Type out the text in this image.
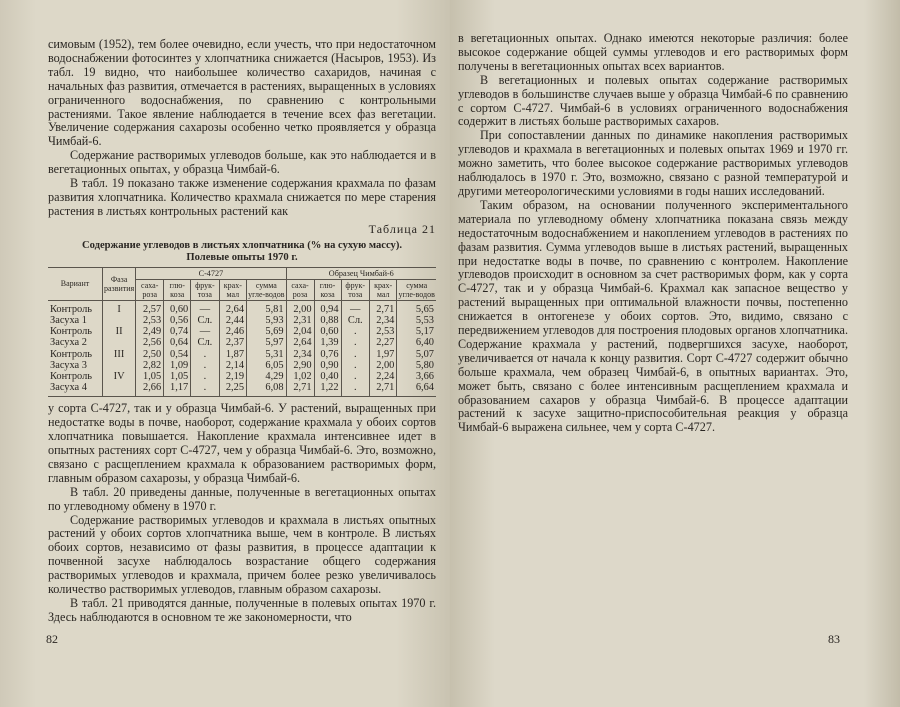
симовым (1952), тем более очевидно, если учесть, что при недостаточном водоснабжении фотосинтез у хлопчатника снижается (Насыров, 1953). Из табл. 19 видно, что наибольшее количество сахаридов, начиная с начальных фаз развития, отмечается в растениях, выращенных в условиях ограниченного водоснабжения, по сравнению с контрольными растениями. Такое явление наблюдается в течение всех фаз вегетации. Увеличение содержания сахарозы особенно четко проявляется у образца Чимбай-6.

Содержание растворимых углеводов больше, как это наблюдается и в вегетационных опытах, у образца Чимбай-6.

В табл. 19 показано также изменение содержания крахмала по фазам развития хлопчатника. Количество крахмала снижается по мере старения растения в листьях контрольных растений как

Таблица 21
Содержание углеводов в листьях хлопчатника (% на сухую массу).
Полевые опыты 1970 г.
Вариант	Фаза развития	С-4727					Образец Чимбай-6				
		саха-роза	глю-коза	фрук-тоза	крах-мал	сумма угле-водов	саха-роза	глю-коза	фрук-тоза	крах-мал	сумма угле-водов
Контроль	I	2,57	0,60	—	2,64	5,81	2,00	0,94	—	2,71	5,65
Засуха 1		2,53	0,56	Сл.	2,44	5,93	2,31	0,88	Сл.	2,34	5,53
Контроль	II	2,49	0,74	—	2,46	5,69	2,04	0,60	.	2,53	5,17
Засуха 2		2,56	0,64	Сл.	2,37	5,97	2,64	1,39	.	2,27	6,40
Контроль	III	2,50	0,54	.	1,87	5,31	2,34	0,76	.	1,97	5,07
Засуха 3		2,82	1,09	.	2,14	6,05	2,90	0,90	.	2,00	5,80
Контроль	IV	1,05	1,05	.	2,19	4,29	1,02	0,40	.	2,24	3,66
Засуха 4		2,66	1,17	.	2,25	6,08	2,71	1,22	.	2,71	6,64

у сорта С-4727, так и у образца Чимбай-6. У растений, выращенных при недостатке воды в почве, наоборот, содержание крахмала у обоих сортов хлопчатника повышается. Накопление крахмала интенсивнее идет в опытных растениях сорт С-4727, чем у образца Чимбай-6. Это, возможно, связано с расщеплением крахмала к образованием растворимых форм, главным образом сахарозы, у образца Чимбай-6.

В табл. 20 приведены данные, полученные в вегетационных опытах по углеводному обмену в 1970 г.

Содержание растворимых углеводов и крахмала в листьях опытных растений у обоих сортов хлопчатника выше, чем в контроле. В листьях обоих сортов, независимо от фазы развития, в процессе адаптации к почвенной засухе наблюдалось возрастание общего содержания растворимых углеводов и крахмала, причем более резко увеличивалось количество растворимых углеводов, главным образом сахарозы.

В табл. 21 приводятся данные, полученные в полевых опытах 1970 г. Здесь наблюдаются в основном те же закономерности, что

в вегетационных опытах. Однако имеются некоторые различия: более высокое содержание общей суммы углеводов и его растворимых форм получены в вегетационных опытах всех вариантов.

В вегетационных и полевых опытах содержание растворимых углеводов в большинстве случаев выше у образца Чимбай-6 по сравнению с сортом С-4727. Чимбай-6 в условиях ограниченного водоснабжения содержит в листьях больше растворимых сахаров.

При сопоставлении данных по динамике накопления растворимых углеводов и крахмала в вегетационных и полевых опытах 1969 и 1970 гг. можно заметить, что более высокое содержание растворимых углеводов наблюдалось в 1970 г. Это, возможно, связано с разной температурой и другими метеорологическими условиями в годы наших исследований.

Таким образом, на основании полученного экспериментального материала по углеводному обмену хлопчатника показана связь между недостаточным водоснабжением и накоплением углеводов в растениях по фазам развития. Сумма углеводов выше в листьях растений, выращенных при недостатке воды в почве, по сравнению с контролем. Накопление углеводов происходит в основном за счет растворимых форм, как у сорта С-4727, так и у образца Чимбай-6. Крахмал как запасное вещество у растений выращенных при оптимальной влажности почвы, постепенно снижается в онтогенезе у обоих сортов. Это, видимо, связано с передвижением углеводов для построения плодовых органов хлопчатника. Содержание крахмала у растений, подвергшихся засухе, наоборот, увеличивается от начала к концу развития. Сорт С-4727 содержит обычно больше крахмала, чем образец Чимбай-6, в опытных вариантах. Это, может быть, связано с более интенсивным расщеплением крахмала и образованием сахаров у образца Чимбай-6. В процессе адаптации растений к засухе защитно-приспособительная реакция у образца Чимбай-6 выражена сильнее, чем у сорта С-4727.

82	83
